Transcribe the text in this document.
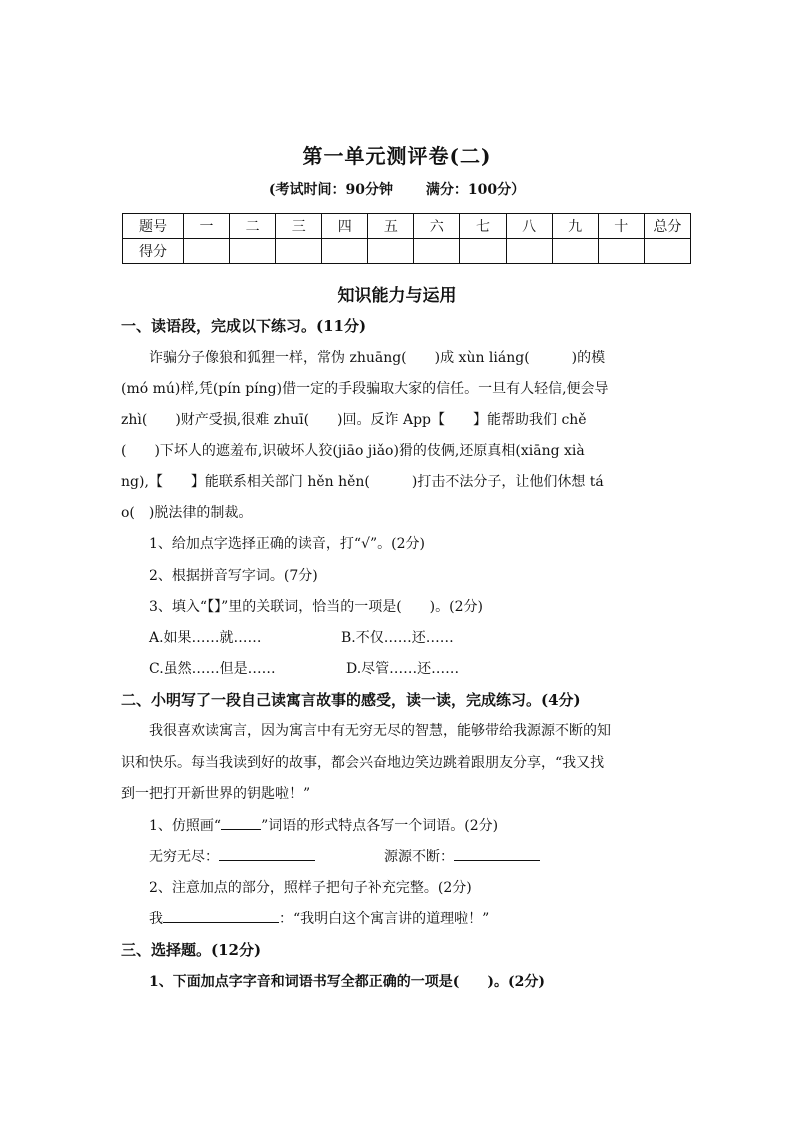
第一单元测评卷(二)
(考试时间：90分钟 满分：100分）
题号	一	二	三	四	五	六	七	八	九	十	总分
得分											
知识能力与运用
一、读语段，完成以下练习。(11分)
诈骗分子像狼和狐狸一样，常伪 zhuāng(　　)成 xùn liáng(　　　)的模
(mó mú)样,凭(pín píng)借一定的手段骗取大家的信任。一旦有人轻信,便会导
zhì(　　)财产受损,很难 zhuī(　　)回。反诈 App【　　】能帮助我们 chě
(　　)下坏人的遮羞布,识破坏人狡(jiāo jiǎo)猾的伎俩,还原真相(xiāng xià
ng),【　　】能联系相关部门 hěn hěn(　　　)打击不法分子，让他们休想 tá
o(　)脱法律的制裁。
1、给加点字选择正确的读音，打“√”。(2分)
2、根据拼音写字词。(7分)
3、填入“【】”里的关联词，恰当的一项是(　　)。(2分)
A.如果……就……	B.不仅……还……
C.虽然……但是……	D.尽管……还……
二、小明写了一段自己读寓言故事的感受，读一读，完成练习。(4分)
我很喜欢读寓言，因为寓言中有无穷无尽的智慧，能够带给我源源不断的知
识和快乐。每当我读到好的故事，都会兴奋地边笑边跳着跟朋友分享，“我又找
到一把打开新世界的钥匙啦！”
1、仿照画“	”词语的形式特点各写一个词语。(2分)
无穷无尽：	源源不断：
2、注意加点的部分，照样子把句子补充完整。(2分)
我	：“我明白这个寓言讲的道理啦！”
三、选择题。(12分)
1、下面加点字字音和词语书写全都正确的一项是(　　)。(2分)
